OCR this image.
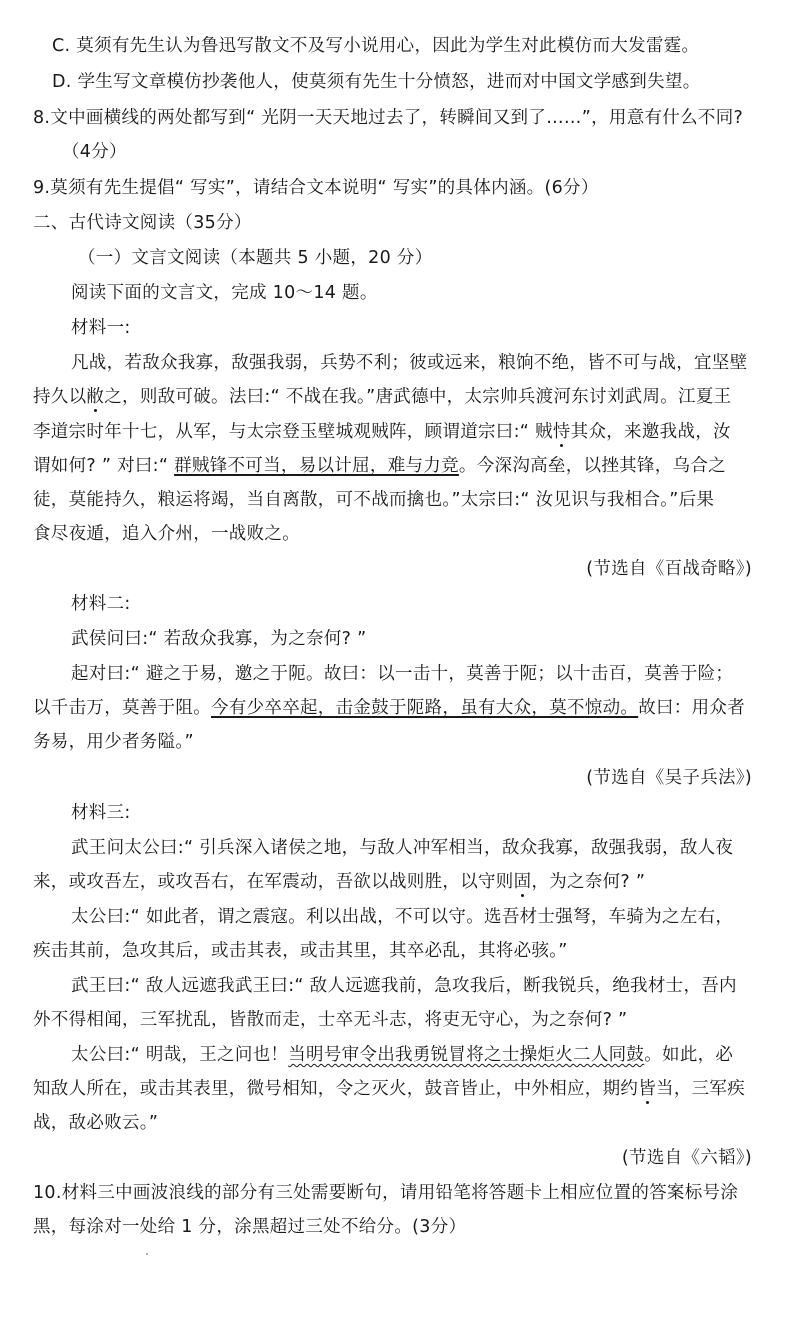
C. 莫须有先生认为鲁迅写散文不及写小说用心，因此为学生对此模仿而大发雷霆。
D. 学生写文章模仿抄袭他人，使莫须有先生十分愤怒，进而对中国文学感到失望。
8.文中画横线的两处都写到“ 光阴一天天地过去了，转瞬间又到了……”，用意有什么不同?
（4分）
9.莫须有先生提倡“ 写实”，请结合文本说明“ 写实”的具体内涵。(6分）
二、古代诗文阅读（35分）
（一）文言文阅读（本题共 5 小题，20 分）
阅读下面的文言文，完成 10～14 题。
材料一:
凡战，若敌众我寡，敌强我弱，兵势不利；彼或远来，粮饷不绝，皆不可与战，宜坚壁
持久以敝之，则敌可破。法曰:“ 不战在我。”唐武德中，太宗帅兵渡河东讨刘武周。江夏王
李道宗时年十七，从军，与太宗登玉壁城观贼阵，顾谓道宗曰:“ 贼恃其众，来邀我战，汝
谓如何? ” 对曰:“ 群贼锋不可当，易以计屈，难与力竞。今深沟高垒，以挫其锋，乌合之
徒，莫能持久，粮运将竭，当自离散，可不战而擒也。”太宗曰:“ 汝见识与我相合。”后果
食尽夜遁，追入介州，一战败之。
(节选自《百战奇略》)
材料二:
武侯问曰:“ 若敌众我寡，为之奈何? ”
起对曰:“ 避之于易，邀之于阨。故曰：以一击十，莫善于阨；以十击百，莫善于险；
以千击万，莫善于阻。今有少卒卒起，击金鼓于阨路，虽有大众，莫不惊动。故曰：用众者
务易，用少者务隘。”
(节选自《吴子兵法》)
材料三:
武王问太公曰:“ 引兵深入诸侯之地，与敌人冲军相当，敌众我寡，敌强我弱，敌人夜
来，或攻吾左，或攻吾右，在军震动，吾欲以战则胜，以守则固，为之奈何? ”
太公曰:“ 如此者，谓之震寇。利以出战，不可以守。选吾材士强弩，车骑为之左右，
疾击其前，急攻其后，或击其表，或击其里，其卒必乱，其将必骇。”
武王曰:“ 敌人远遮我武王曰:“ 敌人远遮我前，急攻我后，断我锐兵，绝我材士，吾内
外不得相闻，三军扰乱，皆散而走，士卒无斗志，将吏无守心，为之奈何? ”
太公曰:“ 明哉，王之问也！当明号审令出我勇锐冒将之士操炬火二人同鼓。如此，必
知敌人所在，或击其表里，微号相知，令之灭火，鼓音皆止，中外相应，期约皆当，三军疾
战，敌必败云。”
(节选自《六韬》)
10.材料三中画波浪线的部分有三处需要断句，请用铅笔将答题卡上相应位置的答案标号涂
黑，每涂对一处给 1 分，涂黑超过三处不给分。(3分）
